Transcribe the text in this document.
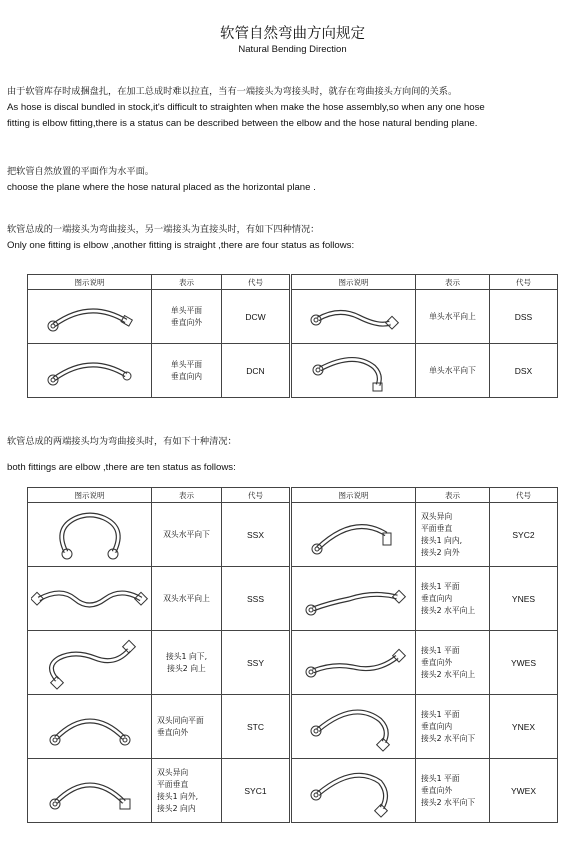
软管自然弯曲方向规定
Natural Bending Direction
由于软管库存时成捆盘扎，在加工总成时难以拉直，当有一端接头为弯接头时，就存在弯曲接头方向间的关系。
As hose is discal bundled in stock,it's difficult to straighten when make the hose assembly,so when any one hose
fitting is elbow fitting,there is a status can be described between the elbow and the hose natural bending plane.
把软管自然放置的平面作为水平面。
choose the plane where the hose natural placed as the horizontal plane .
软管总成的一端接头为弯曲接头，另一端接头为直接头时，有如下四种情况：
Only one fitting is elbow ,another fitting is straight ,there are four status as follows:
图示说明	表示	代号		图示说明	表示	代号

	单头平面
垂直向外	DCW			单头水平向上	DSS

	单头平面
垂直向内	DCN			单头水平向下	DSX
软管总成的两端接头均为弯曲接头时，有如下十种清况：
both fittings are elbow ,there are ten status as follows:
图示说明	表示	代号		图示说明	表示	代号

	双头水平向下	SSX			双头异向
平面垂直
接头1 向内,
接头2 向外	SYC2

	双头水平向上	SSS			接头1 平面
垂直向内
接头2 水平向上	YNES

	接头1 向下,
接头2 向上	SSY			接头1 平面
垂直向外
接头2 水平向上	YWES

	双头同向平面
垂直向外	STC			接头1 平面
垂直向内
接头2 水平向下	YNEX

	双头异向
平面垂直
接头1 向外,
接头2 向内	SYC1			接头1 平面
垂直向外
接头2 水平向下	YWEX
